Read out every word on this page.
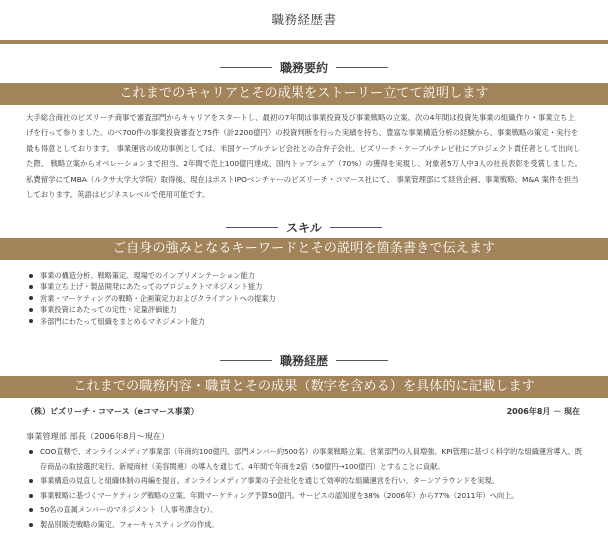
職務経歴書
職務要約
これまでのキャリアとその成果をストーリー立てて説明します

大手総合商社のビズリーチ商事で審査部門からキャリアをスタートし、最初の7年間は事業投資及び事業戦略の立案、次の4年間は投資先事業の組織作り・事業立ち上げを行って参りました。のべ700件の事業投資審査と75件（計2200億円）の投資判断を行った実績を持ち、豊富な事業構造分析の経験から、事業戦略の策定・実行を最も得意としております。 事業運営の成功事例としては、米国ケーブルテレビ会社との合弁子会社、ビズリーチ・ケーブルテレビ社にプロジェクト責任者として出向した際、 戦略立案からオペレーションまで担当。2年間で売上100億円達成、国内トップシェア（70%）の獲得を実現し、対象者5万人中3人の社長表彰を受賞しました。 私費留学にてMBA（ルクサ大学大学院）取得後、現在はポストIPOベンチャーのビズリーチ・コマース社にて、 事業管理部にて経営企画、事業戦略、M&A 案件を担当しております。英語はビジネスレベルで使用可能です。

スキル
ご自身の強みとなるキーワードとその説明を箇条書きで伝えます
事業の構造分析、戦略策定、現場でのインプリメンテーション能力
事業立ち上げ・製品開発にあたってのプロジェクトマネジメント能力
営業・マーケティングの戦略・企画策定力およびクライアントへの提案力
事業投資にあたっての定性・定量評価能力
多部門にわたって組織をまとめるマネジメント能力
職務経歴
これまでの職務内容・職責とその成果（数字を含める）を具体的に記載します
（株）ビズリーチ・コマース（eコマース事業）	2006年8月 － 現在
事業管理部 部長（2006年8月～現在）
COO直轄で、オンラインメディア事業部（年商約100億円、部門メンバー約500名）の事業戦略立案。営業部門の人員増強、KPI管理に基づく科学的な組織運営導入、既存商品の取捨選択実行、新規商材（美容関連）の導入を通じて、4年間で年商を2倍（50億円→100億円）とすることに貢献。
事業構造の見直しと組織体制の再編を提言。オンラインメディア事業の子会社化を通じて効率的な組織運営を行い、ターンアラウンドを実現。
事業戦略に基づくマーケティング戦略の立案。年間マーケティング予算50億円。サービスの認知度を38%（2006年）から77%（2011年）へ向上。
50名の直属メンバーのマネジメント（人事考課含む）。
製品別販売戦略の策定、フォーキャスティングの作成。
